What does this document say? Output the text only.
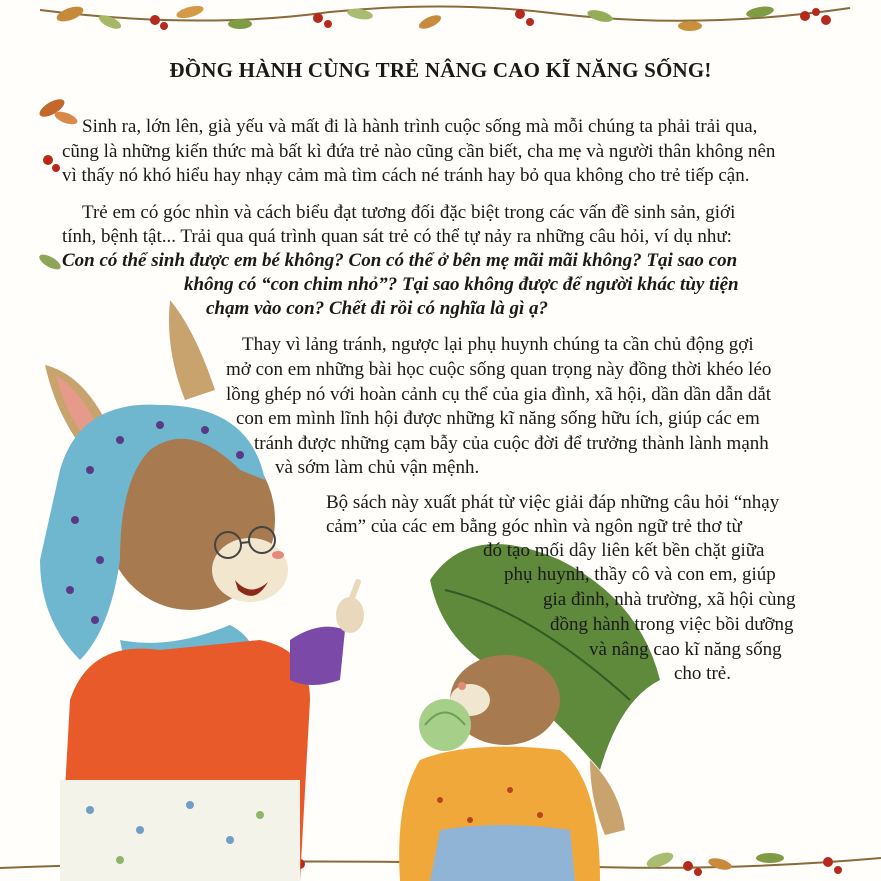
ĐỒNG HÀNH CÙNG TRẺ NÂNG CAO KĨ NĂNG SỐNG!
Sinh ra, lớn lên, già yếu và mất đi là hành trình cuộc sống mà mỗi chúng ta phải trải qua,
cũng là những kiến thức mà bất kì đứa trẻ nào cũng cần biết, cha mẹ và người thân không nên
vì thấy nó khó hiểu hay nhạy cảm mà tìm cách né tránh hay bỏ qua không cho trẻ tiếp cận.
Trẻ em có góc nhìn và cách biểu đạt tương đối đặc biệt trong các vấn đề sinh sản, giới
tính, bệnh tật... Trải qua quá trình quan sát trẻ có thể tự nảy ra những câu hỏi, ví dụ như:
Con có thể sinh được em bé không? Con có thể ở bên mẹ mãi mãi không? Tại sao con
không có “con chim nhỏ”? Tại sao không được để người khác tùy tiện
chạm vào con? Chết đi rồi có nghĩa là gì ạ?
Thay vì lảng tránh, ngược lại phụ huynh chúng ta cần chủ động gợi
mở con em những bài học cuộc sống quan trọng này đồng thời khéo léo
lồng ghép nó với hoàn cảnh cụ thể của gia đình, xã hội, dần dần dẫn dắt
con em mình lĩnh hội được những kĩ năng sống hữu ích, giúp các em
tránh được những cạm bẫy của cuộc đời để trưởng thành lành mạnh
và sớm làm chủ vận mệnh.
Bộ sách này xuất phát từ việc giải đáp những câu hỏi “nhạy
cảm” của các em bằng góc nhìn và ngôn ngữ trẻ thơ từ
đó tạo mối dây liên kết bền chặt giữa
phụ huynh, thầy cô và con em, giúp
gia đình, nhà trường, xã hội cùng
đồng hành trong việc bồi dưỡng
và nâng cao kĩ năng sống
cho trẻ.
